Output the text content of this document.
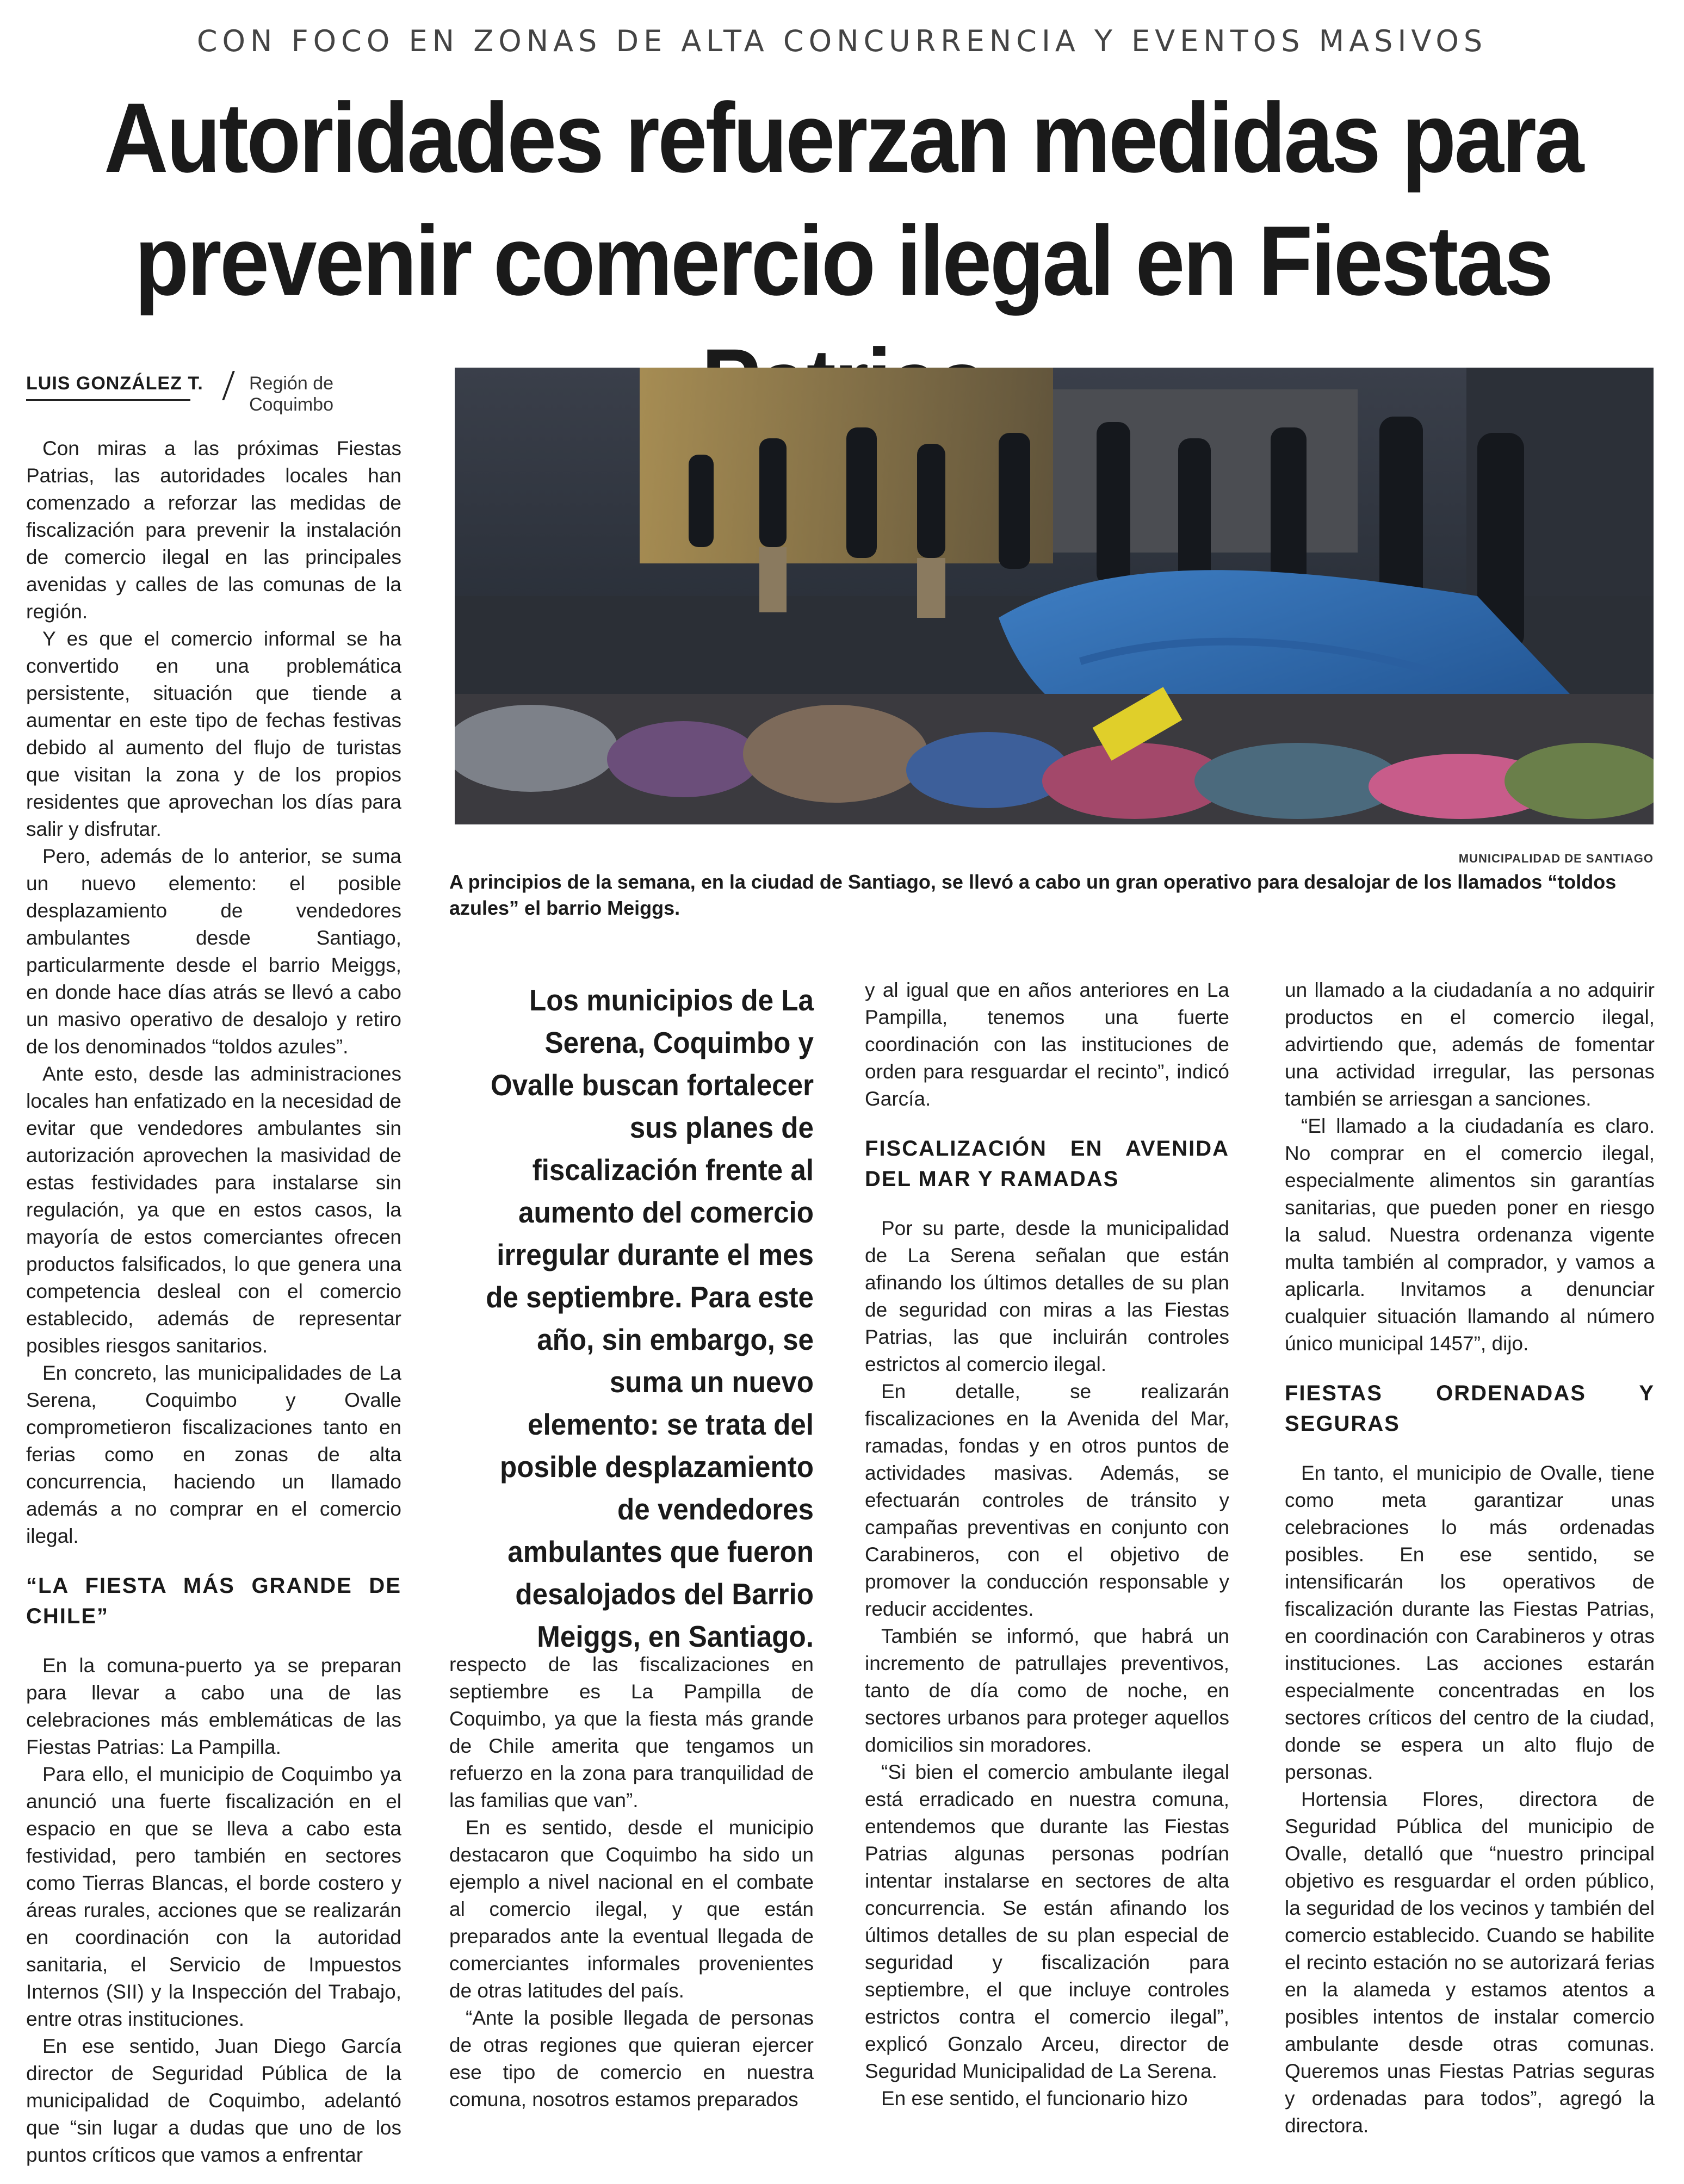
CON FOCO EN ZONAS DE ALTA CONCURRENCIA Y EVENTOS MASIVOS
Autoridades refuerzan medidas para
prevenir comercio ilegal en Fiestas
LUIS GONZÁLEZ T. Región de Coquimbo

Con miras a las próximas Fiestas Patrias, las autoridades locales han comenzado a reforzar las medidas de fiscalización para prevenir la instalación de comercio ilegal en las principales avenidas y calles de las comunas de la región.

Y es que el comercio informal se ha convertido en una problemática persistente, situación que tiende a aumentar en este tipo de fechas festivas debido al aumento del flujo de turistas que visitan la zona y de los propios residentes que aprovechan los días para salir y disfrutar.

Pero, además de lo anterior, se suma un nuevo elemento: el posible desplazamiento de vendedores ambulantes desde Santiago, particularmente desde el barrio Meiggs, en donde hace días atrás se llevó a cabo un masivo operativo de desalojo y retiro de los denominados “toldos azules”.

Ante esto, desde las administraciones locales han enfatizado en la necesidad de evitar que vendedores ambulantes sin autorización aprovechen la masividad de estas festividades para instalarse sin regulación, ya que en estos casos, la mayoría de estos comerciantes ofrecen productos falsificados, lo que genera una competencia desleal con el comercio establecido, además de representar posibles riesgos sanitarios.

En concreto, las municipalidades de La Serena, Coquimbo y Ovalle comprometieron fiscalizaciones tanto en ferias como en zonas de alta concurrencia, haciendo un llamado además a no comprar en el comercio ilegal.

“LA FIESTA MÁS GRANDE DE CHILE”

En la comuna-puerto ya se preparan para llevar a cabo una de las celebraciones más emblemáticas de las Fiestas Patrias: La Pampilla.

Para ello, el municipio de Coquimbo ya anunció una fuerte fiscalización en el espacio en que se lleva a cabo esta festividad, pero también en sectores como Tierras Blancas, el borde costero y áreas rurales, acciones que se realizarán en coordinación con la autoridad sanitaria, el Servicio de Impuestos Internos (SII) y la Inspección del Trabajo, entre otras instituciones.

En ese sentido, Juan Diego García director de Seguridad Pública de la municipalidad de Coquimbo, adelantó que “sin lugar a dudas que uno de los puntos críticos que vamos a enfrentar

MUNICIPALIDAD DE SANTIAGO
A principios de la semana, en la ciudad de Santiago, se llevó a cabo un gran operativo para desalojar de los llamados “toldos azules” el barrio Meiggs.
Los municipios de La Serena, Coquimbo y Ovalle buscan fortalecer sus planes de fiscalización frente al aumento del comercio irregular durante el mes de septiembre. Para este año, sin embargo, se suma un nuevo elemento: se trata del posible desplazamiento de vendedores ambulantes que fueron desalojados del Barrio Meiggs, en Santiago.

respecto de las fiscalizaciones en septiembre es La Pampilla de Coquimbo, ya que la fiesta más grande de Chile amerita que tengamos un refuerzo en la zona para tranquilidad de las familias que van”.

En es sentido, desde el municipio destacaron que Coquimbo ha sido un ejemplo a nivel nacional en el combate al comercio ilegal, y que están preparados ante la eventual llegada de comerciantes informales provenientes de otras latitudes del país.

“Ante la posible llegada de personas de otras regiones que quieran ejercer ese tipo de comercio en nuestra comuna, nosotros estamos preparados

y al igual que en años anteriores en La Pampilla, tenemos una fuerte coordinación con las instituciones de orden para resguardar el recinto”, indicó García.

FISCALIZACIÓN EN AVENIDA DEL MAR Y RAMADAS

Por su parte, desde la municipalidad de La Serena señalan que están afinando los últimos detalles de su plan de seguridad con miras a las Fiestas Patrias, las que incluirán controles estrictos al comercio ilegal.

En detalle, se realizarán fiscalizaciones en la Avenida del Mar, ramadas, fondas y en otros puntos de actividades masivas. Además, se efectuarán controles de tránsito y campañas preventivas en conjunto con Carabineros, con el objetivo de promover la conducción responsable y reducir accidentes.

También se informó, que habrá un incremento de patrullajes preventivos, tanto de día como de noche, en sectores urbanos para proteger aquellos domicilios sin moradores.

“Si bien el comercio ambulante ilegal está erradicado en nuestra comuna, entendemos que durante las Fiestas Patrias algunas personas podrían intentar instalarse en sectores de alta concurrencia. Se están afinando los últimos detalles de su plan especial de seguridad y fiscalización para septiembre, el que incluye controles estrictos contra el comercio ilegal”, explicó Gonzalo Arceu, director de Seguridad Municipalidad de La Serena.

En ese sentido, el funcionario hizo

un llamado a la ciudadanía a no adquirir productos en el comercio ilegal, advirtiendo que, además de fomentar una actividad irregular, las personas también se arriesgan a sanciones.

“El llamado a la ciudadanía es claro. No comprar en el comercio ilegal, especialmente alimentos sin garantías sanitarias, que pueden poner en riesgo la salud. Nuestra ordenanza vigente multa también al comprador, y vamos a aplicarla. Invitamos a denunciar cualquier situación llamando al número único municipal 1457”, dijo.

FIESTAS ORDENADAS Y SEGURAS

En tanto, el municipio de Ovalle, tiene como meta garantizar unas celebraciones lo más ordenadas posibles. En ese sentido, se intensificarán los operativos de fiscalización durante las Fiestas Patrias, en coordinación con Carabineros y otras instituciones. Las acciones estarán especialmente concentradas en los sectores críticos del centro de la ciudad, donde se espera un alto flujo de personas.

Hortensia Flores, directora de Seguridad Pública del municipio de Ovalle, detalló que “nuestro principal objetivo es resguardar el orden público, la seguridad de los vecinos y también del comercio establecido. Cuando se habilite el recinto estación no se autorizará ferias en la alameda y estamos atentos a posibles intentos de instalar comercio ambulante desde otras comunas. Queremos unas Fiestas Patrias seguras y ordenadas para todos”, agregó la directora.
